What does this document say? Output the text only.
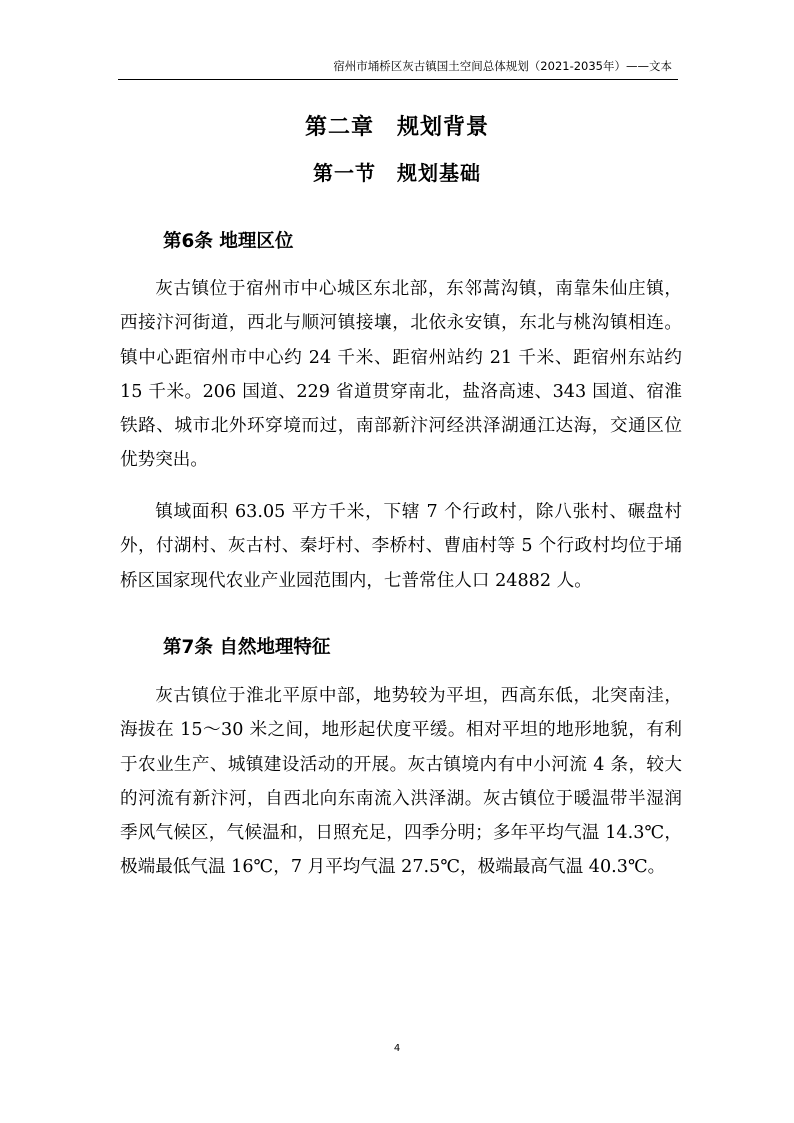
宿州市埇桥区灰古镇国土空间总体规划（2021-2035年）——文本
第二章　规划背景
第一节　规划基础
第6条 地理区位

灰古镇位于宿州市中心城区东北部，东邻蒿沟镇，南靠朱仙庄镇，西接汴河街道，西北与顺河镇接壤，北依永安镇，东北与桃沟镇相连。镇中心距宿州市中心约 24 千米、距宿州站约 21 千米、距宿州东站约 15 千米。206 国道、229 省道贯穿南北，盐洛高速、343 国道、宿淮铁路、城市北外环穿境而过，南部新汴河经洪泽湖通江达海，交通区位优势突出。

镇域面积 63.05 平方千米，下辖 7 个行政村，除八张村、碾盘村外，付湖村、灰古村、秦圩村、李桥村、曹庙村等 5 个行政村均位于埇桥区国家现代农业产业园范围内，七普常住人口 24882 人。

第7条 自然地理特征

灰古镇位于淮北平原中部，地势较为平坦，西高东低，北突南洼，海拔在 15～30 米之间，地形起伏度平缓。相对平坦的地形地貌，有利于农业生产、城镇建设活动的开展。灰古镇境内有中小河流 4 条，较大的河流有新汴河，自西北向东南流入洪泽湖。灰古镇位于暖温带半湿润季风气候区，气候温和，日照充足，四季分明；多年平均气温 14.3℃，极端最低气温 16℃，7 月平均气温 27.5℃，极端最高气温 40.3℃。

4
